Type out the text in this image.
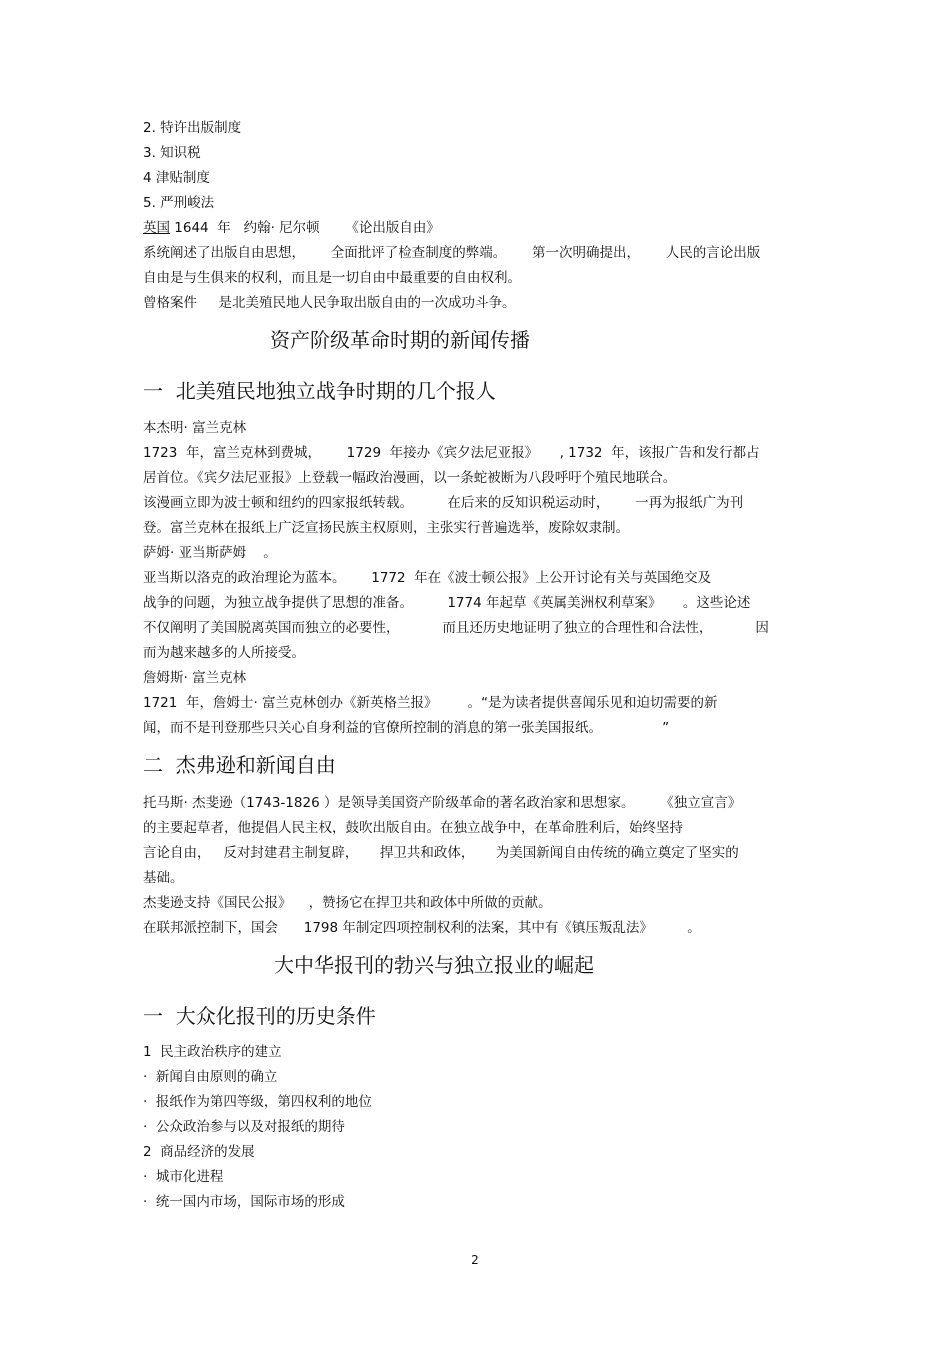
2. 特许出版制度
3. 知识税
4 津贴制度
5. 严刑峻法
英国 1644  年   约翰· 尼尔顿      《论出版自由》
系统阐述了出版自由思想，      全面批评了检查制度的弊端。      第一次明确提出，      人民的言论出版
自由是与生俱来的权利，而且是一切自由中最重要的自由权利。
曾格案件     是北美殖民地人民争取出版自由的一次成功斗争。
资产阶级革命时期的新闻传播
一  北美殖民地独立战争时期的几个报人
本杰明· 富兰克林
1723  年，富兰克林到费城，      1729  年接办《宾夕法尼亚报》     , 1732  年，该报广告和发行都占
居首位。《宾夕法尼亚报》上登载一幅政治漫画，以一条蛇被断为八段呼吁个殖民地联合。
该漫画立即为波士顿和纽约的四家报纸转载。        在后来的反知识税运动时，      一再为报纸广为刊
登。富兰克林在报纸上广泛宣扬民族主权原则，主张实行普遍选举，废除奴隶制。
萨姆· 亚当斯萨姆    。
亚当斯以洛克的政治理论为蓝本。      1772  年在《波士顿公报》上公开讨论有关与英国绝交及
战争的问题，为独立战争提供了思想的准备。        1774 年起草《英属美洲权利草案》     。这些论述
不仅阐明了美国脱离英国而独立的必要性，          而且还历史地证明了独立的合理性和合法性，          因
而为越来越多的人所接受。
詹姆斯· 富兰克林
1721  年，詹姆士· 富兰克林创办《新英格兰报》       。“是为读者提供喜闻乐见和迫切需要的新
闻，而不是刊登那些只关心自身利益的官僚所控制的消息的第一张美国报纸。              ”
二  杰弗逊和新闻自由
托马斯· 杰斐逊（1743-1826 ）是领导美国资产阶级革命的著名政治家和思想家。      《独立宣言》
的主要起草者，他提倡人民主权，鼓吹出版自由。在独立战争中，在革命胜利后，始终坚持
言论自由，   反对封建君主制复辟，     捍卫共和政体，     为美国新闻自由传统的确立奠定了坚实的
基础。
杰斐逊支持《国民公报》    ，赞扬它在捍卫共和政体中所做的贡献。
在联邦派控制下，国会      1798 年制定四项控制权利的法案，其中有《镇压叛乱法》        。
大中华报刊的勃兴与独立报业的崛起
一  大众化报刊的历史条件
1  民主政治秩序的建立
·  新闻自由原则的确立
·  报纸作为第四等级，第四权利的地位
·  公众政治参与以及对报纸的期待
2  商品经济的发展
·  城市化进程
·  统一国内市场，国际市场的形成
2
